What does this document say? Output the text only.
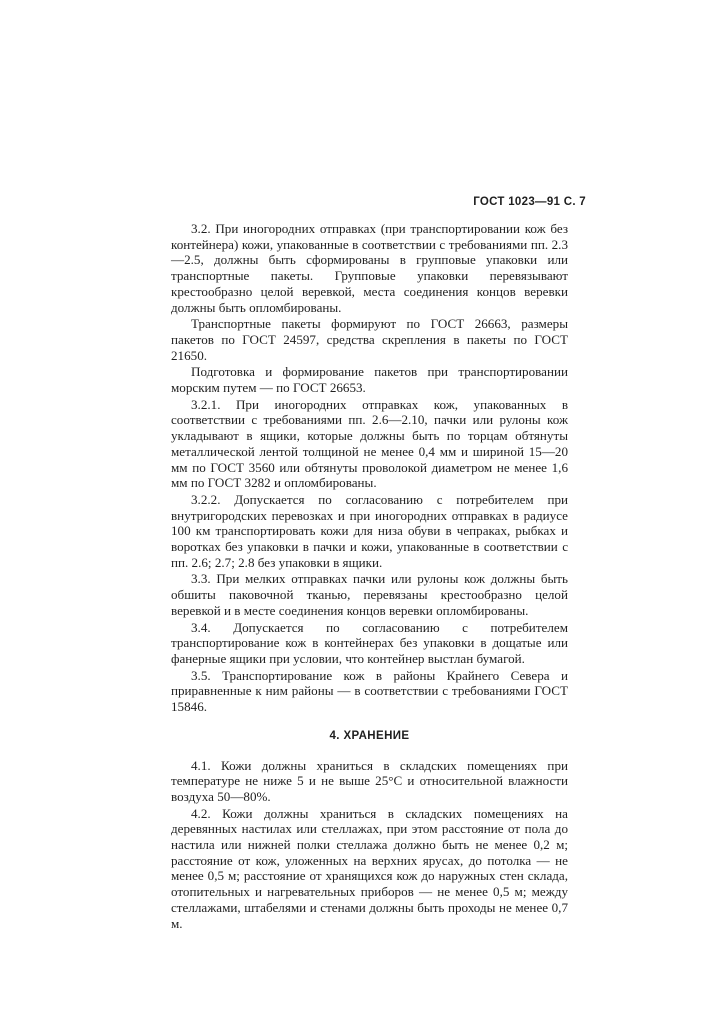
ГОСТ 1023—91 С. 7

3.2. При иногородних отправках (при транспортировании кож без контейнера) кожи, упакованные в соответствии с требованиями пп. 2.3—2.5, должны быть сформированы в групповые упаковки или транспортные пакеты. Групповые упаковки перевязывают крестообразно целой веревкой, места соединения концов веревки должны быть опломбированы.

Транспортные пакеты формируют по ГОСТ 26663, размеры пакетов по ГОСТ 24597, средства скрепления в пакеты по ГОСТ 21650.

Подготовка и формирование пакетов при транспортировании морским путем — по ГОСТ 26653.

3.2.1. При иногородних отправках кож, упакованных в соответствии с требованиями пп. 2.6—2.10, пачки или рулоны кож укладывают в ящики, которые должны быть по торцам обтянуты металлической лентой толщиной не менее 0,4 мм и шириной 15—20 мм по ГОСТ 3560 или обтянуты проволокой диаметром не менее 1,6 мм по ГОСТ 3282 и опломбированы.

3.2.2. Допускается по согласованию с потребителем при внутригородских перевозках и при иногородних отправках в радиусе 100 км транспортировать кожи для низа обуви в чепраках, рыбках и воротках без упаковки в пачки и кожи, упакованные в соответствии с пп. 2.6; 2.7; 2.8 без упаковки в ящики.

3.3. При мелких отправках пачки или рулоны кож должны быть обшиты паковочной тканью, перевязаны крестообразно целой веревкой и в месте соединения концов веревки опломбированы.

3.4. Допускается по согласованию с потребителем транспортирование кож в контейнерах без упаковки в дощатые или фанерные ящики при условии, что контейнер выстлан бумагой.

3.5. Транспортирование кож в районы Крайнего Севера и приравненные к ним районы — в соответствии с требованиями ГОСТ 15846.

4. ХРАНЕНИЕ

4.1. Кожи должны храниться в складских помещениях при температуре не ниже 5 и не выше 25°С и относительной влажности воздуха 50—80%.

4.2. Кожи должны храниться в складских помещениях на деревянных настилах или стеллажах, при этом расстояние от пола до настила или нижней полки стеллажа должно быть не менее 0,2 м; расстояние от кож, уложенных на верхних ярусах, до потолка — не менее 0,5 м; расстояние от хранящихся кож до наружных стен склада, отопительных и нагревательных приборов — не менее 0,5 м; между стеллажами, штабелями и стенами должны быть проходы не менее 0,7 м.
